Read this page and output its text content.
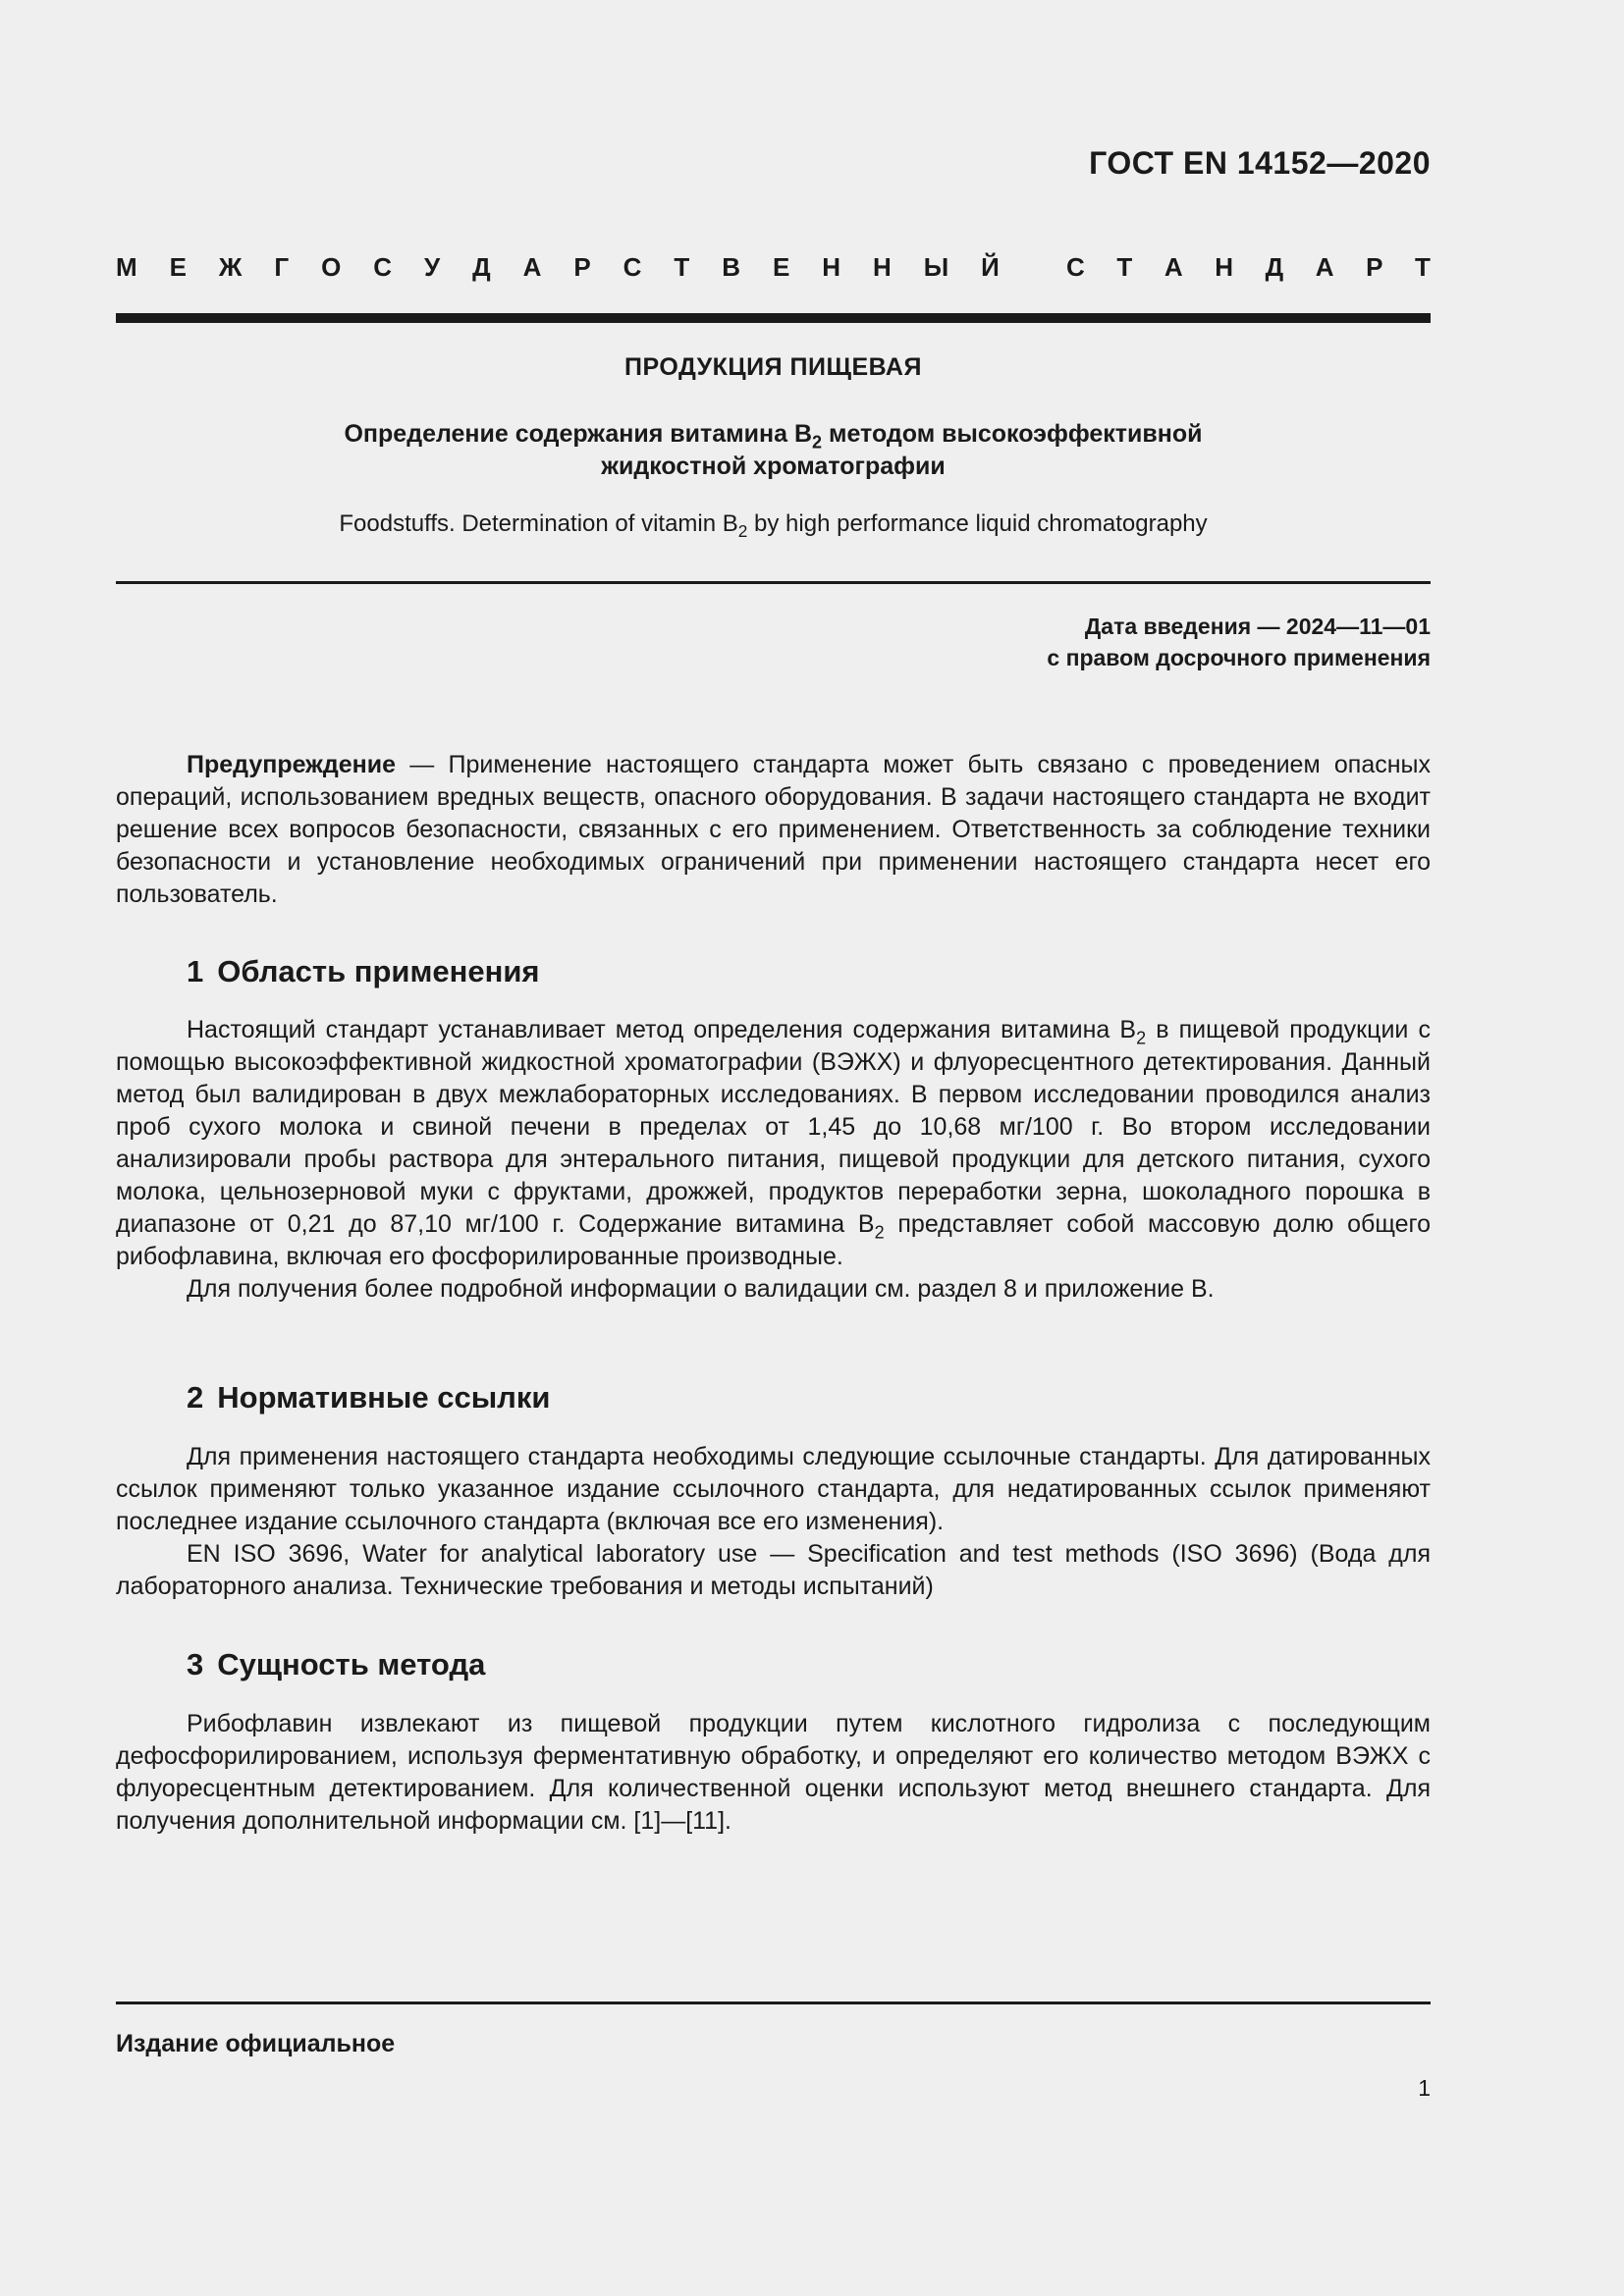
ГОСТ EN 14152—2020
М Е Ж Г О С У Д А Р С Т В Е Н Н Ы Й	С Т А Н Д А Р Т
ПРОДУКЦИЯ ПИЩЕВАЯ
Определение содержания витамина $B_2$ методом высокоэффективной
жидкостной хроматографии
Foodstuffs. Determination of vitamin $B_2$ by high performance liquid chromatography
Дата введения — 2024—11—01
с правом досрочного применения

Предупреждение — Применение настоящего стандарта может быть связано с проведением опасных операций, использованием вредных веществ, опасного оборудования. В задачи настоящего стандарта не входит решение всех вопросов безопасности, связанных с его применением. Ответственность за соблюдение техники безопасности и установление необходимых ограничений при применении настоящего стандарта несет его пользователь.

1 Область применения

Настоящий стандарт устанавливает метод определения содержания витамина $B_2$ в пищевой продукции с помощью высокоэффективной жидкостной хроматографии (ВЭЖХ) и флуоресцентного детектирования. Данный метод был валидирован в двух межлабораторных исследованиях. В первом исследовании проводился анализ проб сухого молока и свиной печени в пределах от 1,45 до 10,68 мг/100 г. Во втором исследовании анализировали пробы раствора для энтерального питания, пищевой продукции для детского питания, сухого молока, цельнозерновой муки с фруктами, дрожжей, продуктов переработки зерна, шоколадного порошка в диапазоне от 0,21 до 87,10 мг/100 г. Содержание витамина $B_2$ представляет собой массовую долю общего рибофлавина, включая его фосфорилированные производные.

Для получения более подробной информации о валидации см. раздел 8 и приложение B.

2 Нормативные ссылки

Для применения настоящего стандарта необходимы следующие ссылочные стандарты. Для датированных ссылок применяют только указанное издание ссылочного стандарта, для недатированных ссылок применяют последнее издание ссылочного стандарта (включая все его изменения).

EN ISO 3696, Water for analytical laboratory use — Specification and test methods (ISO 3696) (Вода для лабораторного анализа. Технические требования и методы испытаний)

3 Сущность метода

Рибофлавин извлекают из пищевой продукции путем кислотного гидролиза с последующим дефосфорилированием, используя ферментативную обработку, и определяют его количество методом ВЭЖХ с флуоресцентным детектированием. Для количественной оценки используют метод внешнего стандарта. Для получения дополнительной информации см. [1]—[11].

Издание официальное
1
